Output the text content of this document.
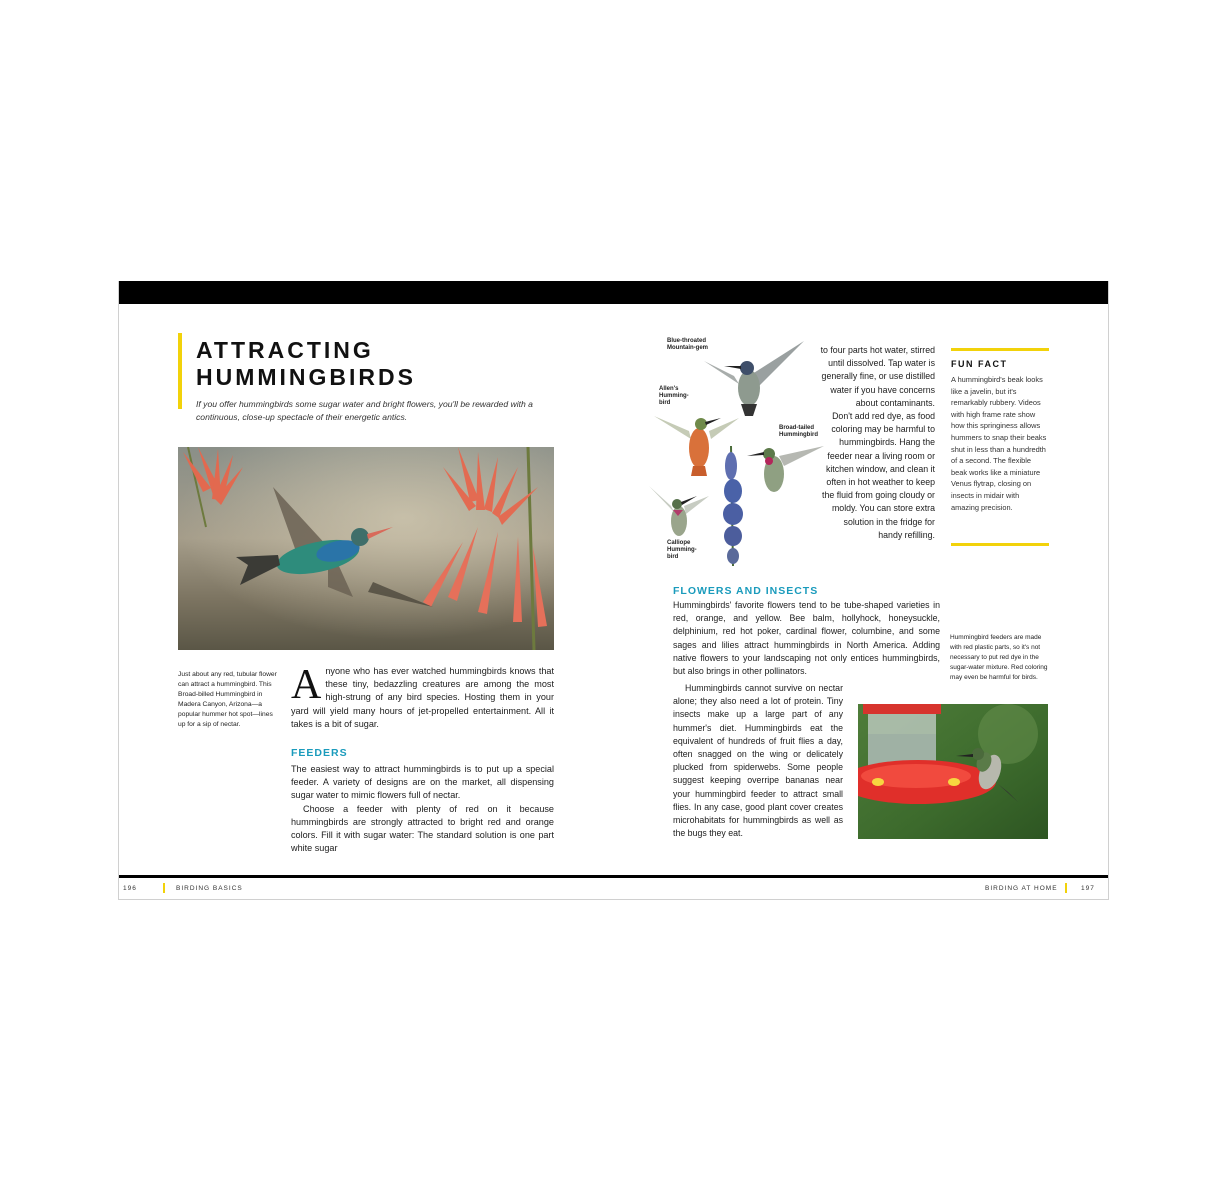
ATTRACTING
HUMMINGBIRDS

If you offer hummingbirds some sugar water and bright flowers, you'll be rewarded with a continuous, close-up spectacle of their energetic antics.

Just about any red, tubular flower can attract a hummingbird. This Broad-billed Hummingbird in Madera Canyon, Arizona—a popular hummer hot spot—lines up for a sip of nectar.

A nyone who has ever watched hummingbirds knows that these tiny, bedazzling creatures are among the most high-strung of any bird species. Hosting them in your yard will yield many hours of jet-propelled entertainment. All it takes is a bit of sugar.
FEEDERS

The easiest way to attract hummingbirds is to put up a special feeder. A variety of designs are on the market, all dispensing sugar water to mimic flowers full of nectar.

Choose a feeder with plenty of red on it because hummingbirds are strongly attracted to bright red and orange colors. Fill it with sugar water: The standard solution is one part white sugar

Blue-throated Mountain-gem

Allen's Humming-bird

Broad-tailed Hummingbird

Calliope Humming-bird

to four parts hot water, stirred until dissolved. Tap water is generally fine, or use distilled water if you have concerns about contaminants.

Don't add red dye, as food coloring may be harmful to hummingbirds. Hang the feeder near a living room or kitchen window, and clean it often in hot weather to keep the fluid from going cloudy or moldy. You can store extra solution in the fridge for handy refilling.

FUN FACT

A hummingbird's beak looks like a javelin, but it's remarkably rubbery. Videos with high frame rate show how this springiness allows hummers to snap their beaks shut in less than a hundredth of a second. The flexible beak works like a miniature Venus flytrap, closing on insects in midair with amazing precision.

FLOWERS AND INSECTS

Hummingbirds' favorite flowers tend to be tube-shaped varieties in red, orange, and yellow. Bee balm, hollyhock, honeysuckle, delphinium, red hot poker, cardinal flower, columbine, and some sages and lilies attract hummingbirds in North America. Adding native flowers to your landscaping not only entices hummingbirds, but also brings in other pollinators.

Hummingbirds cannot survive on nectar alone; they also need a lot of protein. Tiny insects make up a large part of any hummer's diet. Hummingbirds eat the equivalent of hundreds of fruit flies a day, often snagged on the wing or delicately plucked from spiderwebs. Some people suggest keeping overripe bananas near your hummingbird feeder to attract small flies. In any case, good plant cover creates microhabitats for hummingbirds as well as the bugs they eat.

Hummingbird feeders are made with red plastic parts, so it's not necessary to put red dye in the sugar-water mixture. Red coloring may even be harmful for birds.

196	BIRDING BASICS	BIRDING AT HOME	197
